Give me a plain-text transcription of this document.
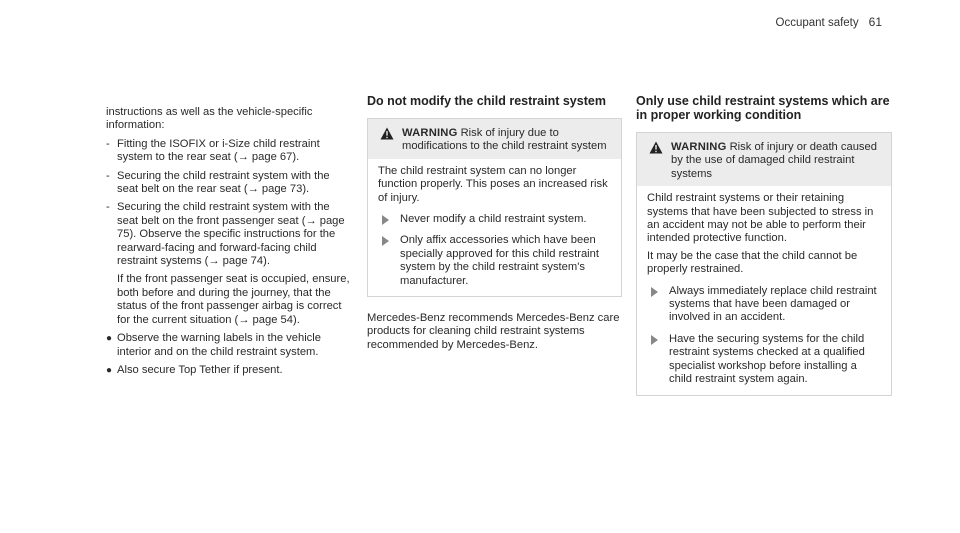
Occupant safety 61

instructions as well as the vehicle-specific information:

- Fitting the ISOFIX or i-Size child restraint system to the rear seat (→ page 67).
- Securing the child restraint system with the seat belt on the rear seat (→ page 73).
- Securing the child restraint system with the seat belt on the front passenger seat (→ page 75). Observe the specific instructions for the rearward-facing and forward-facing child restraint systems (→ page 74).

If the front passenger seat is occupied, ensure, both before and during the journey, that the status of the front passenger airbag is correct for the current situation (→ page 54).

● Observe the warning labels in the vehicle interior and on the child restraint system.
● Also secure Top Tether if present.
Do not modify the child restraint system
WARNING Risk of injury due to modifications to the child restraint system

The child restraint system can no longer function properly. This poses an increased risk of injury.

Never modify a child restraint system.
Only affix accessories which have been specially approved for this child restraint system by the child restraint system's manufacturer.

Mercedes-Benz recommends Mercedes-Benz care products for cleaning child restraint systems recommended by Mercedes-Benz.

Only use child restraint systems which are in proper working condition
WARNING Risk of injury or death caused by the use of damaged child restraint systems

Child restraint systems or their retaining systems that have been subjected to stress in an accident may not be able to perform their intended protective function.

It may be the case that the child cannot be properly restrained.

Always immediately replace child restraint systems that have been damaged or involved in an accident.
Have the securing systems for the child restraint systems checked at a qualified specialist workshop before installing a child restraint system again.
